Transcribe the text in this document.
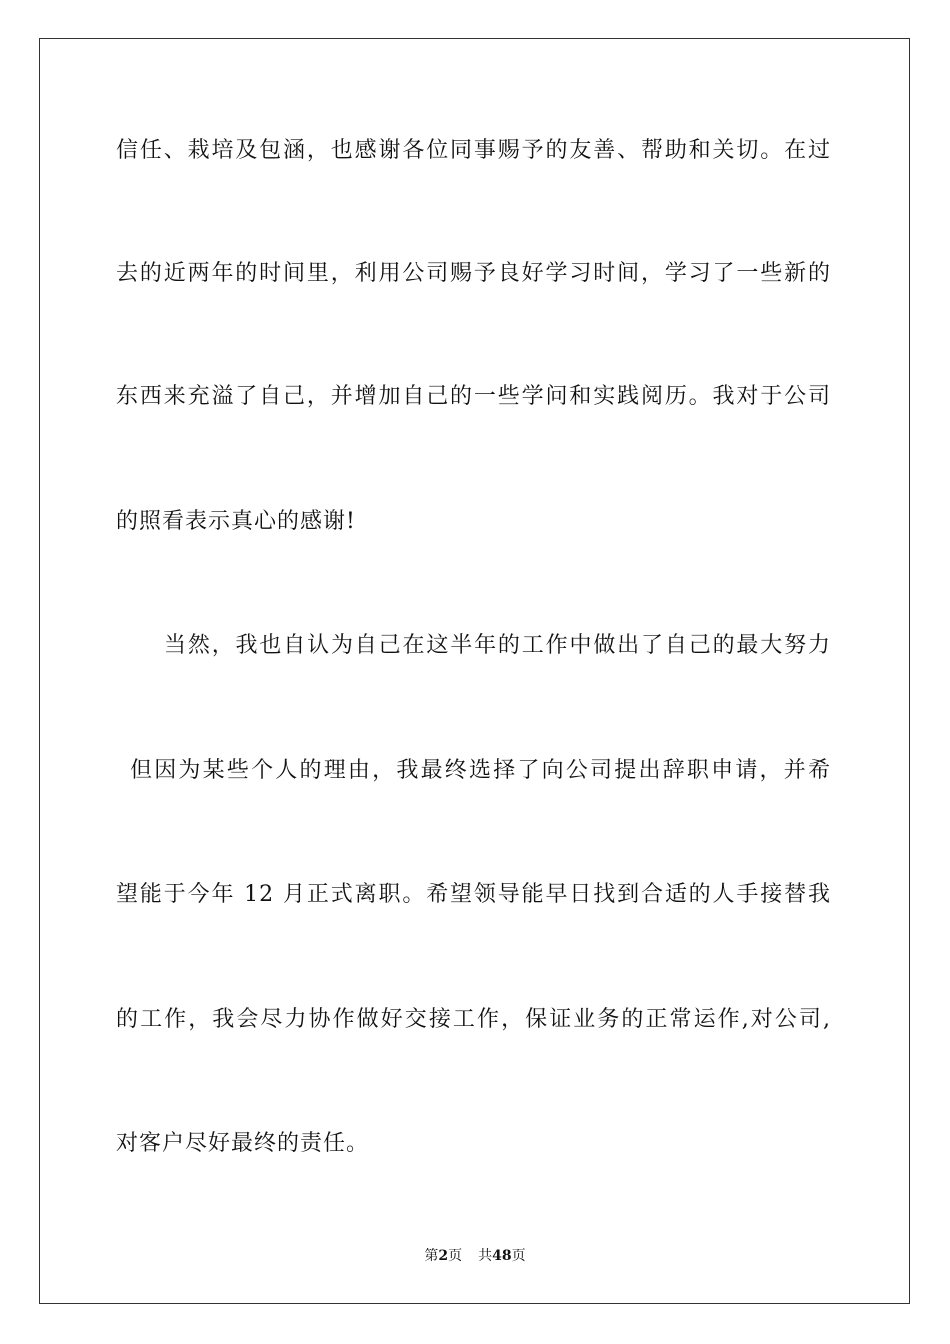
信任、栽培及包涵，也感谢各位同事赐予的友善、帮助和关切。在过
去的近两年的时间里，利用公司赐予良好学习时间，学习了一些新的
东西来充溢了自己，并增加自己的一些学问和实践阅历。我对于公司
的照看表示真心的感谢!
当然，我也自认为自己在这半年的工作中做出了自己的最大努力
但因为某些个人的理由，我最终选择了向公司提出辞职申请，并希
望能于今年 12 月正式离职。希望领导能早日找到合适的人手接替我
的工作，我会尽力协作做好交接工作，保证业务的正常运作,对公司,
对客户尽好最终的责任。
第2页 共48页
